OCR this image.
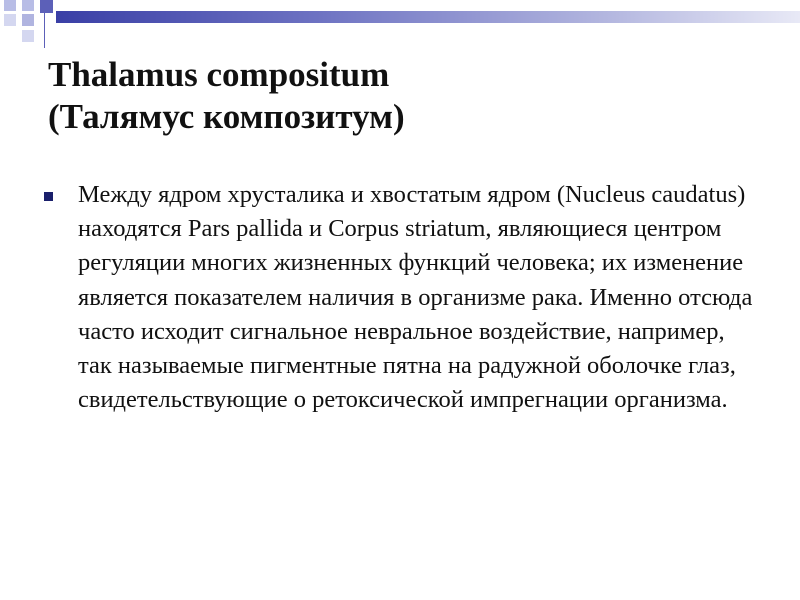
Thalamus compositum
(Талямус композитум)
Между ядром хрусталика и хвостатым ядром (Nucleus caudatus) находятся Pars pallida и Corpus striatum, являющиеся центром регуляции многих жизненных функций человека; их изменение является показателем наличия в организме рака. Именно отсюда часто исходит сигнальное невральное воздействие, например, так называемые пигментные пятна на радужной оболочке глаз, свидетельствующие о ретоксической импрегнации организма.
